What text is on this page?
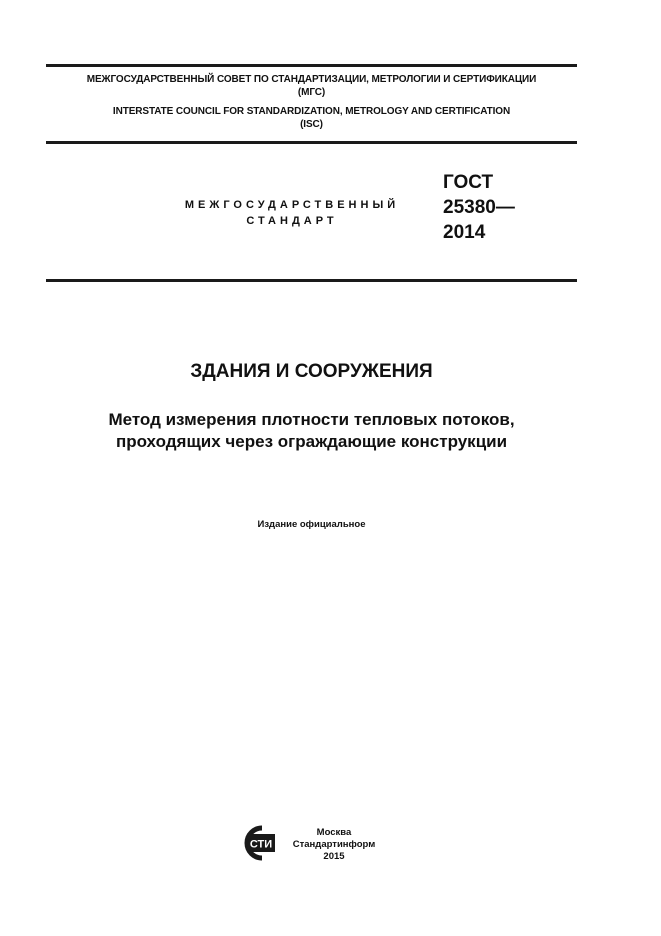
МЕЖГОСУДАРСТВЕННЫЙ СОВЕТ ПО СТАНДАРТИЗАЦИИ, МЕТРОЛОГИИ И СЕРТИФИКАЦИИ
(МГС)
INTERSTATE COUNCIL FOR STANDARDIZATION, METROLOGY AND CERTIFICATION
(ISC)
МЕЖГОСУДАРСТВЕННЫЙ
СТАНДАРТ
ГОСТ
25380—
2014
ЗДАНИЯ И СООРУЖЕНИЯ
Метод измерения плотности тепловых потоков,
проходящих через ограждающие конструкции
Издание официальное
СТИ
Москва
Стандартинформ
2015
